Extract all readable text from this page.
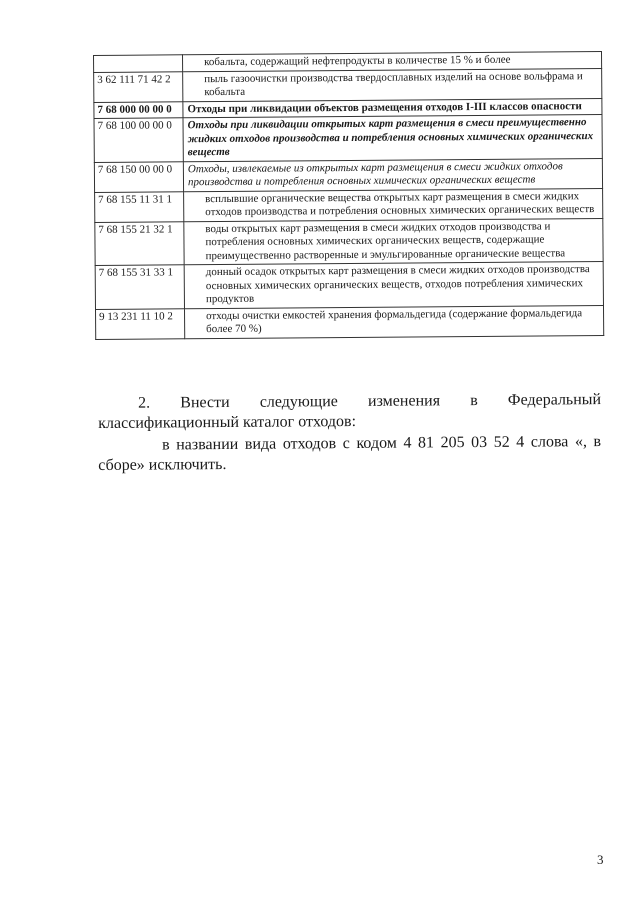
	кобальта, содержащий нефтепродукты в количестве 15 % и более
3 62 111 71 42 2	пыль газоочистки производства твердосплавных изделий на основе вольфрама и кобальта
7 68 000 00 00 0	Отходы при ликвидации объектов размещения отходов I-III классов опасности
7 68 100 00 00 0	Отходы при ликвидации открытых карт размещения в смеси преимущественно жидких отходов производства и потребления основных химических органических веществ
7 68 150 00 00 0	Отходы, извлекаемые из открытых карт размещения в смеси жидких отходов производства и потребления основных химических органических веществ
7 68 155 11 31 1	всплывшие органические вещества открытых карт размещения в смеси жидких отходов производства и потребления основных химических органических веществ
7 68 155 21 32 1	воды открытых карт размещения в смеси жидких отходов производства и потребления основных химических органических веществ, содержащие преимущественно растворенные и эмульгированные органические вещества
7 68 155 31 33 1	донный осадок открытых карт размещения в смеси жидких отходов производства основных химических органических веществ, отходов потребления химических продуктов
9 13 231 11 10 2	отходы очистки емкостей хранения формальдегида (содержание формальдегида более 70 %)

2. Внести следующие изменения в Федеральный классификационный каталог отходов:

в названии вида отходов с кодом 4 81 205 03 52 4 слова «, в сборе» исключить.

3
